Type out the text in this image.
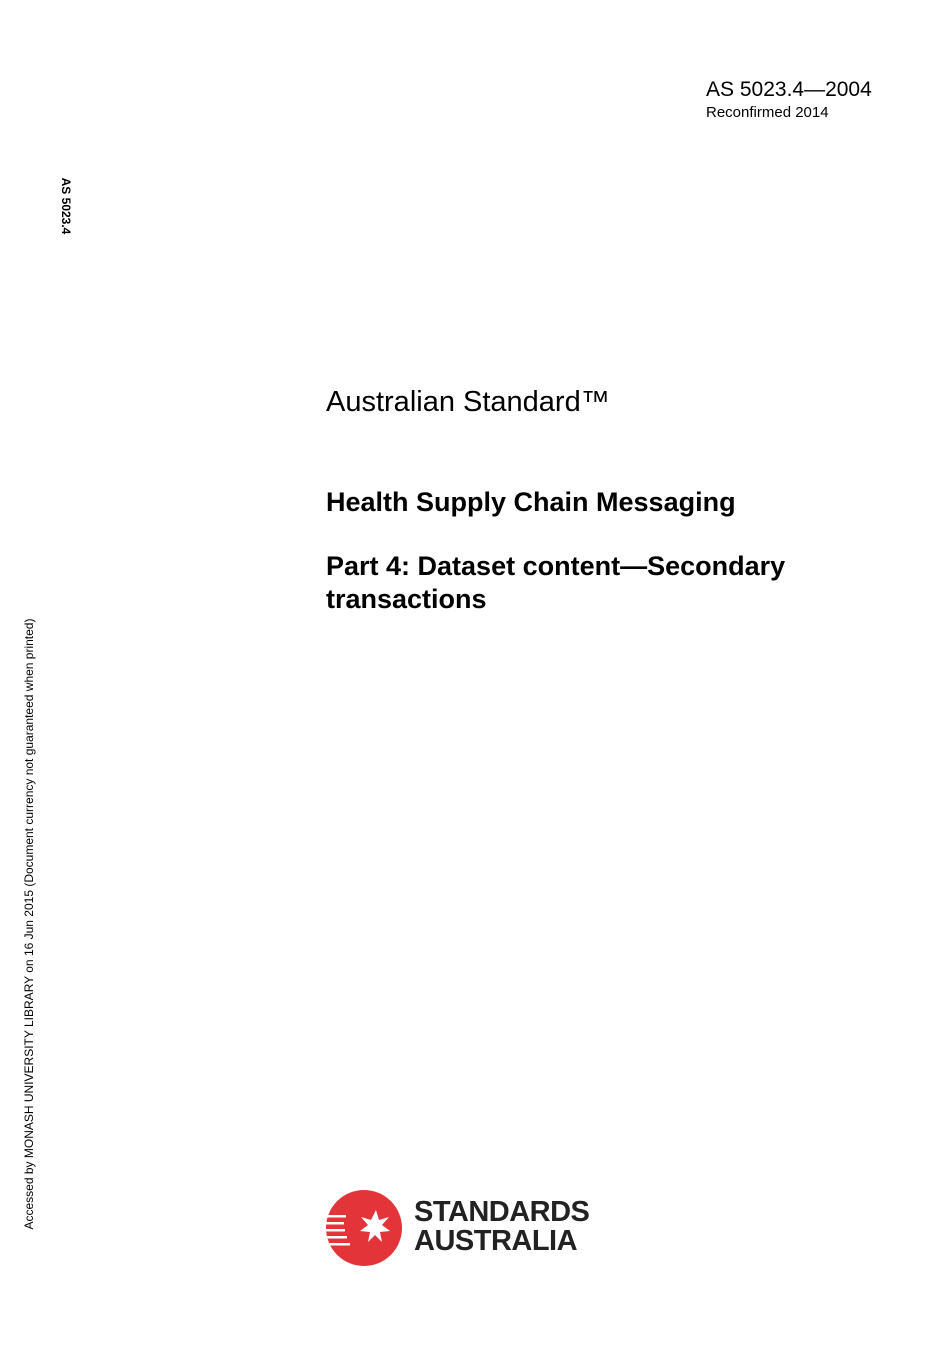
AS 5023.4—2004
Reconfirmed 2014
AS 5023.4
Accessed by MONASH UNIVERSITY LIBRARY on 16 Jun 2015 (Document currency not guaranteed when printed)
Australian Standard™
Health Supply Chain Messaging
Part 4: Dataset content—Secondary
transactions
STANDARDS
AUSTRALIA
